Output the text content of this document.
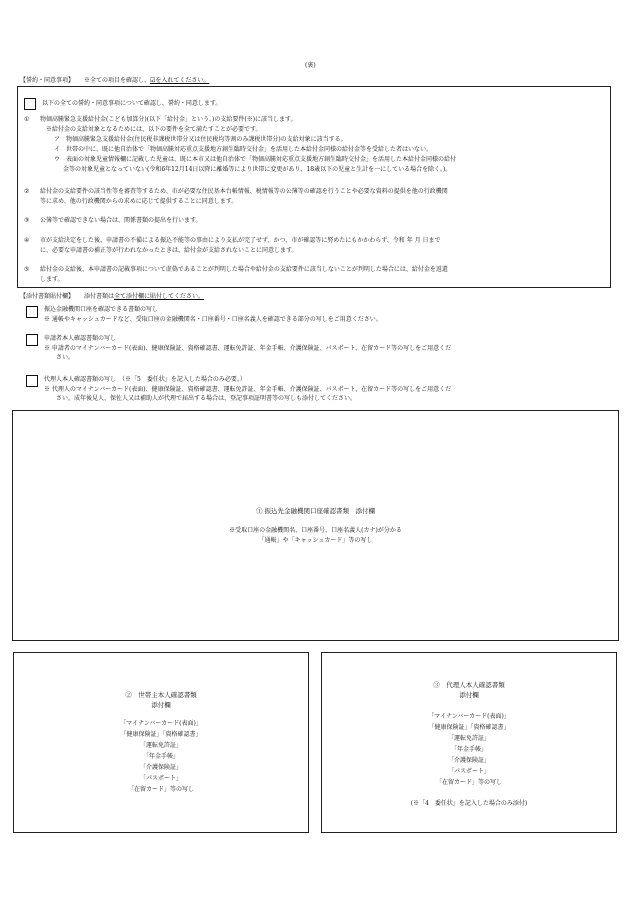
(裏)
【誓約・同意事項】 ※全ての項目を確認し、☑を入れてください。
以下の全ての誓約・同意事項について確認し、誓約・同意します。
① 物価高騰緊急支援給付金(こども加算分)(以下「給付金」という。)の支給要件(※)に該当します。
※給付金の支給対象となるためには、以下の要件を全て満たすことが必要です。
ア　物価高騰緊急支援給付金(住民税非課税世帯分又は住民税均等割のみ課税世帯分)の支給対象に該当する。
イ　世帯の中に、既に他自治体で「物価高騰対応重点支援地方創生臨時交付金」を活用した本給付金同様の給付金等を受給した者はいない。
ウ　表面の対象児童情報欄に記載した児童は、既に本市又は他自治体で「物価高騰対応重点支援地方創生臨時交付金」を活用した本給付金同様の給付
金等の対象児童となっていない(令和6年12月14日以降に離婚等により世帯に変更があり、18歳以下の児童と生計を一にしている場合を除く。)。
② 給付金の支給要件の該当性等を審査等するため、市が必要な住民基本台帳情報、税情報等の公簿等の確認を行うことや必要な資料の提供を他の行政機関
等に求め、他の行政機関からの求めに応じて提供することに同意します。
③ 公簿等で確認できない場合は、関係書類の提出を行います。
④ 市が支給決定をした後、申請書の不備による振込不能等の事由により支払が完了せず、かつ、市が確認等に努めたにもかかわらず、令和 年 月 日まで
に、必要な申請書の補正等が行われなかったときは、給付金が支給されないことに同意します。
⑤ 給付金の支給後、本申請書の記載事項について虚偽であることが判明した場合や給付金の支給要件に該当しないことが判明した場合には、給付金を返還
します。
【添付書類貼付欄】 添付書類は全て添付欄に貼付してください。
振込金融機関口座を確認できる書類の写し
※ 通帳やキャッシュカードなど、受取口座の金融機関名・口座番号・口座名義人を確認できる部分の写しをご用意ください。
申請者本人確認書類の写し
※ 申請者のマイナンバーカード(表面)、健康保険証、資格確認書、運転免許証、年金手帳、介護保険証、パスポート、在留カード等の写しをご用意くだ
さい。
代理人本人確認書類の写し　（※「5　委任状」を記入した場合のみ必要。）
※ 代理人のマイナンバーカード(表面)、健康保険証、資格確認書、運転免許証、年金手帳、介護保険証、パスポート、在留カード等の写しをご用意くだ
さい。成年後見人、保佐人又は補助人が代理で届出する場合は、登記事項証明書等の写しも添付してください。
① 振込先金融機関口座確認書類　添付欄
※受取口座の金融機関名、口座番号、口座名義人(カナ)が分かる
「通帳」や「キャッシュカード」等の写し
②　世帯主本人確認書類
添付欄
「マイナンバーカード(表面)」
「健康保険証」「資格確認書」
「運転免許証」
「年金手帳」
「介護保険証」
「パスポート」
「在留カード」等の写し
③　代理人本人確認書類
添付欄
「マイナンバーカード(表面)」
「健康保険証」「資格確認書」
「運転免許証」
「年金手帳」
「介護保険証」
「パスポート」
「在留カード」等の写し
(※「4　委任状」を記入した場合のみ添付)
